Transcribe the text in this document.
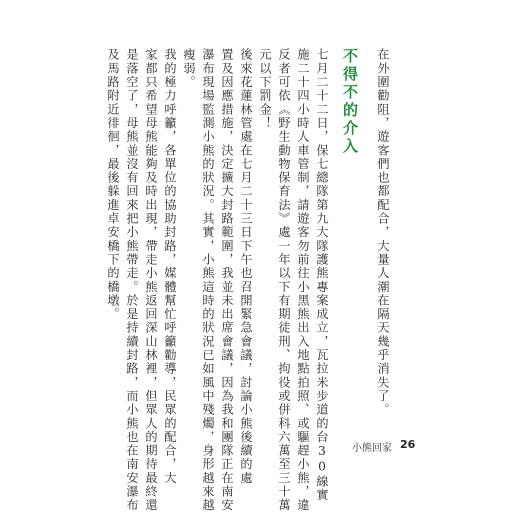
在外圍勸阻，遊客們也都配合，大量人潮在隔天幾乎消失了。
不得不的介入
七月二十二日，保七總隊第九大隊護熊專案成立，瓦拉米步道的台30線實
施二十四小時人車管制，請遊客勿前往小黑熊出入地點拍照、或驅趕小熊，違
反者可依《野生動物保育法》處一年以下有期徒刑、拘役或併科六萬至三十萬
元以下罰金！
後來花蓮林管處在七月二十三日下午也召開緊急會議，討論小熊後續的處
置及因應措施，決定擴大封路範圍，我並未出席會議，因為我和團隊正在南安
瀑布現場監測小熊的狀況。其實，小熊這時的狀況已如風中殘燭，身形越來越
瘦弱。
我的極力呼籲，各單位的協助封路，媒體幫忙呼籲勸導，民眾的配合，大
家都只希望母熊能夠及時出現，帶走小熊返回深山林裡，但眾人的期待最終還
是落空了，母熊並沒有回來把小熊帶走。於是持續封路，而小熊也在南安瀑布
及馬路附近徘徊，最後躲進卓安橋下的橋墩。
小熊回家 26
